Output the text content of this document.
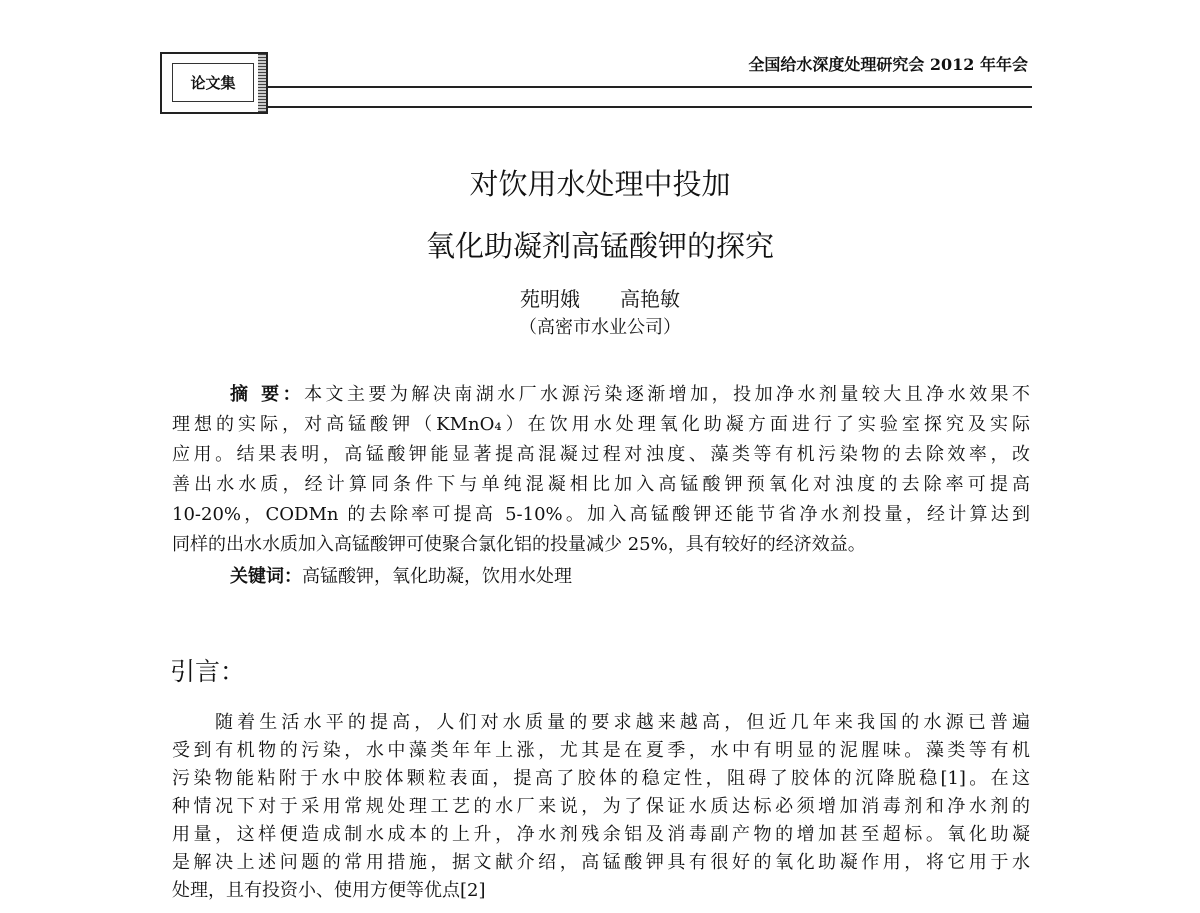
论文集
全国给水深度处理研究会 2012 年年会
对饮用水处理中投加
氧化助凝剂高锰酸钾的探究
苑明娥　　高艳敏
（高密市水业公司）
摘 要：本文主要为解决南湖水厂水源污染逐渐增加，投加净水剂量较大且净水效果不
理想的实际，对高锰酸钾（KMnO₄）在饮用水处理氧化助凝方面进行了实验室探究及实际
应用。结果表明，高锰酸钾能显著提高混凝过程对浊度、藻类等有机污染物的去除效率，改
善出水水质，经计算同条件下与单纯混凝相比加入高锰酸钾预氧化对浊度的去除率可提高
10-20%，CODMn 的去除率可提高 5-10%。加入高锰酸钾还能节省净水剂投量，经计算达到
同样的出水水质加入高锰酸钾可使聚合氯化铝的投量减少 25%，具有较好的经济效益。
关键词：高锰酸钾，氧化助凝，饮用水处理
引言：
随着生活水平的提高，人们对水质量的要求越来越高，但近几年来我国的水源已普遍
受到有机物的污染，水中藻类年年上涨，尤其是在夏季，水中有明显的泥腥味。藻类等有机
污染物能粘附于水中胶体颗粒表面，提高了胶体的稳定性，阻碍了胶体的沉降脱稳[1]。在这
种情况下对于采用常规处理工艺的水厂来说，为了保证水质达标必须增加消毒剂和净水剂的
用量，这样便造成制水成本的上升，净水剂残余铝及消毒副产物的增加甚至超标。氧化助凝
是解决上述问题的常用措施，据文献介绍，高锰酸钾具有很好的氧化助凝作用，将它用于水
处理，且有投资小、使用方便等优点[2]
